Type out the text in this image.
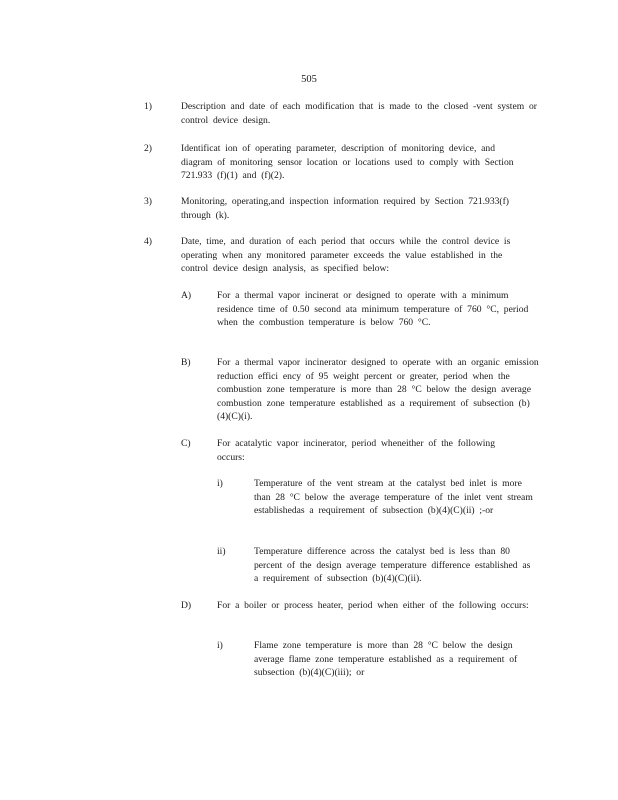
505
1)	Description and date of each modification that is made to the closed -vent system or control device design.
2)	Identificat ion of operating parameter, description of monitoring device, and diagram of monitoring sensor location or locations used to comply with Section 721.933 (f)(1) and (f)(2).
3)	Monitoring, operating,and inspection information required by Section 721.933(f) through (k).
4)	Date, time, and duration of each period that occurs while the control device is operating when any monitored parameter exceeds the value established in the control device design analysis, as specified below:
A)	For a thermal vapor incinerat or designed to operate with a minimum residence time of 0.50 second ata minimum temperature of 760 °C, period when the combustion temperature is below 760 °C.
B)	For a thermal vapor incinerator designed to operate with an organic emission reduction effici ency of 95 weight percent or greater, period when the combustion zone temperature is more than 28 °C below the design average combustion zone temperature established as a requirement of subsection (b)(4)(C)(i).
C)	For acatalytic vapor incinerator, period wheneither of the following occurs:
i)	Temperature of the vent stream at the catalyst bed inlet is more than 28 °C below the average temperature of the inlet vent stream establishedas a requirement of subsection (b)(4)(C)(ii) ;-or
ii)	Temperature difference across the catalyst bed is less than 80 percent of the design average temperature difference established as a requirement of subsection (b)(4)(C)(ii).
D)	For a boiler or process heater, period when either of the following occurs:
i)	Flame zone temperature is more than 28 °C below the design average flame zone temperature established as a requirement of subsection (b)(4)(C)(iii); or
